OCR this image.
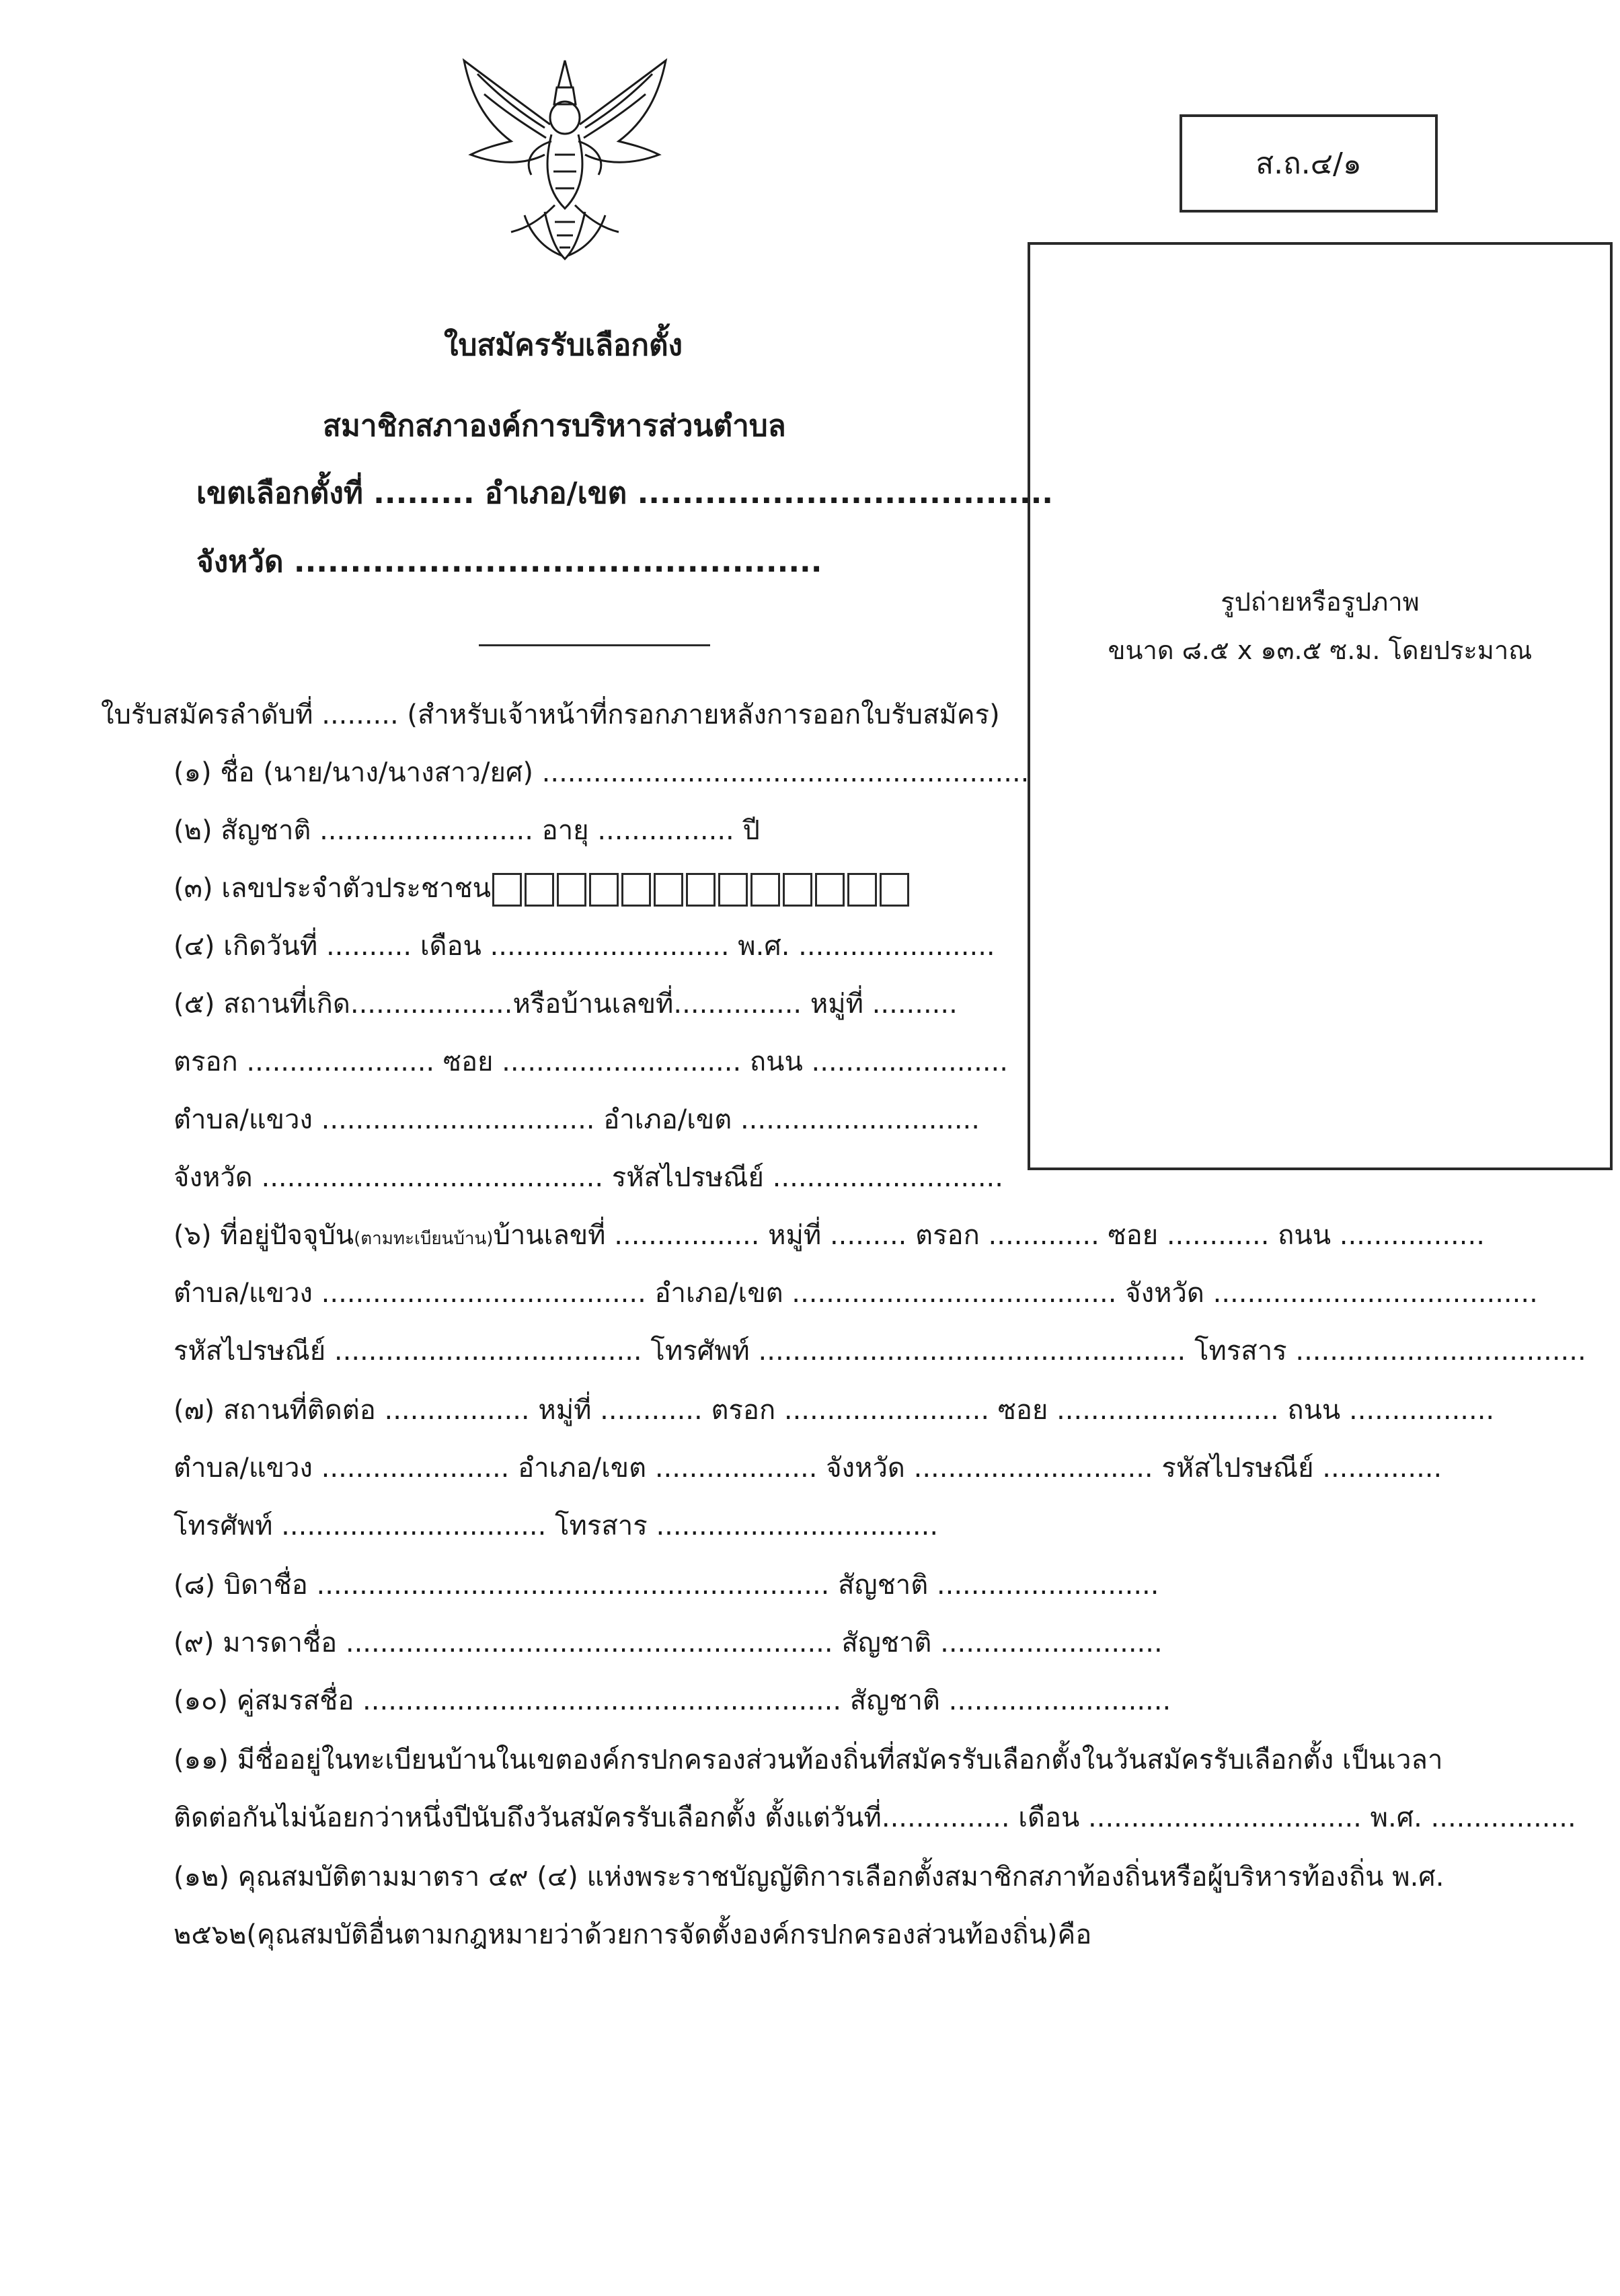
ส.ถ.๔/๑
รูปถ่ายหรือรูปภาพ
ขนาด ๘.๕ x ๑๓.๕ ซ.ม. โดยประมาณ
ใบสมัครรับเลือกตั้ง
สมาชิกสภาองค์การบริหารส่วนตำบล
เขตเลือกตั้งที่ ......... อำเภอ/เขต .....................................
จังหวัด ...............................................
ใบรับสมัครลำดับที่ ......... (สำหรับเจ้าหน้าที่กรอกภายหลังการออกใบรับสมัคร)
(๑) ชื่อ (นาย/นาง/นางสาว/ยศ) .........................................................
(๒) สัญชาติ ......................... อายุ ................ ปี
(๓) เลขประจำตัวประชาชน
(๔) เกิดวันที่ .......... เดือน ............................ พ.ศ. .......................
(๕) สถานที่เกิด...................หรือบ้านเลขที่............... หมู่ที่ ..........
ตรอก ...................... ซอย ............................ ถนน .......................
ตำบล/แขวง ................................ อำเภอ/เขต ............................
จังหวัด ........................................ รหัสไปรษณีย์ ...........................
(๖) ที่อยู่ปัจจุบัน(ตามทะเบียนบ้าน)บ้านเลขที่ ................. หมู่ที่ ......... ตรอก ............. ซอย ............ ถนน .................
ตำบล/แขวง ...................................... อำเภอ/เขต ...................................... จังหวัด ......................................
รหัสไปรษณีย์ .................................... โทรศัพท์ .................................................. โทรสาร ..................................
(๗) สถานที่ติดต่อ ................. หมู่ที่ ............ ตรอก ........................ ซอย .......................... ถนน .................
ตำบล/แขวง ...................... อำเภอ/เขต ................... จังหวัด ............................ รหัสไปรษณีย์ ..............
โทรศัพท์ ............................... โทรสาร .................................
(๘) บิดาชื่อ ............................................................ สัญชาติ ..........................
(๙) มารดาชื่อ ......................................................... สัญชาติ ..........................
(๑๐) คู่สมรสชื่อ ........................................................ สัญชาติ ..........................
(๑๑) มีชื่ออยู่ในทะเบียนบ้านในเขตองค์กรปกครองส่วนท้องถิ่นที่สมัครรับเลือกตั้งในวันสมัครรับเลือกตั้ง เป็นเวลา
ติดต่อกันไม่น้อยกว่าหนึ่งปีนับถึงวันสมัครรับเลือกตั้ง ตั้งแต่วันที่............... เดือน ................................ พ.ศ. .................
(๑๒) คุณสมบัติตามมาตรา ๔๙ (๔) แห่งพระราชบัญญัติการเลือกตั้งสมาชิกสภาท้องถิ่นหรือผู้บริหารท้องถิ่น พ.ศ.
๒๕๖๒(คุณสมบัติอื่นตามกฎหมายว่าด้วยการจัดตั้งองค์กรปกครองส่วนท้องถิ่น)คือ
